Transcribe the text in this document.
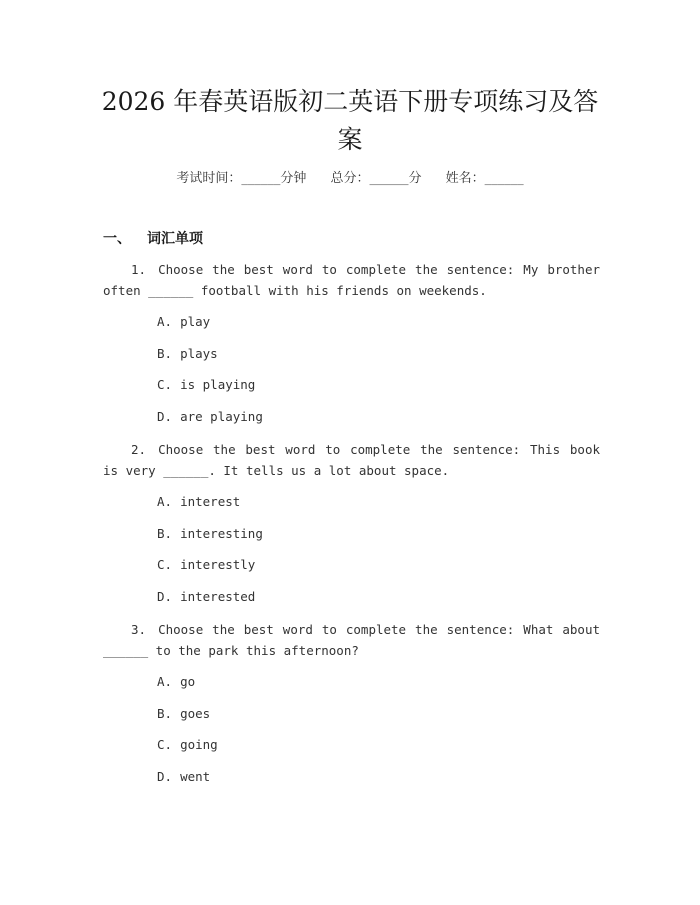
2026 年春英语版初二英语下册专项练习及答案
考试时间：______分钟 总分：______分 姓名：______
一、 词汇单项
1. Choose the best word to complete the sentence: My brother often ______ football with his friends on weekends.
A. play
B. plays
C. is playing
D. are playing
2. Choose the best word to complete the sentence: This book is very ______. It tells us a lot about space.
A. interest
B. interesting
C. interestly
D. interested
3. Choose the best word to complete the sentence: What about ______ to the park this afternoon?
A. go
B. goes
C. going
D. went
